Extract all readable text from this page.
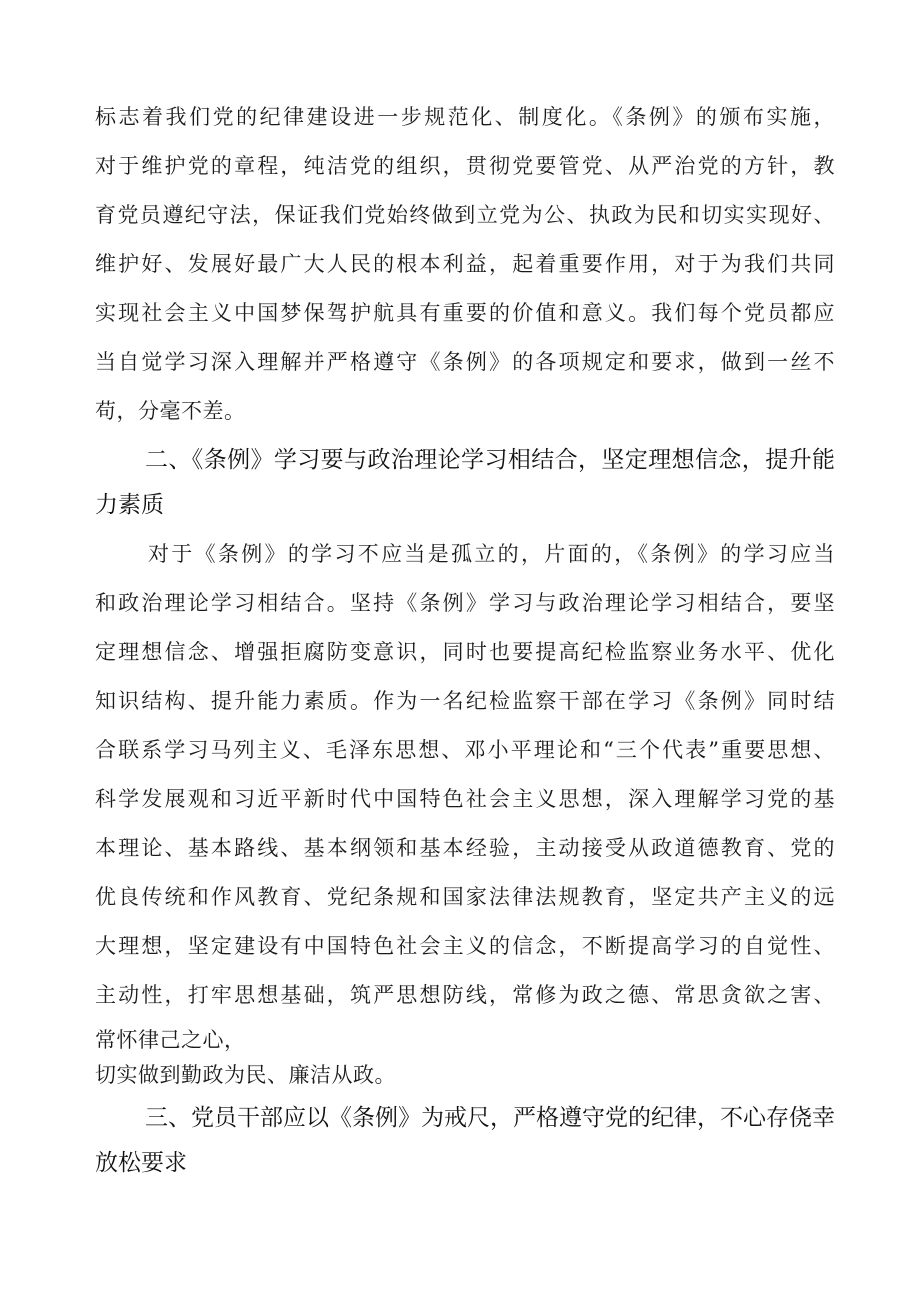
标志着我们党的纪律建设进一步规范化、制度化。《条例》的颁布实施，
对于维护党的章程，纯洁党的组织，贯彻党要管党、从严治党的方针，教
育党员遵纪守法，保证我们党始终做到立党为公、执政为民和切实实现好、
维护好、发展好最广大人民的根本利益，起着重要作用，对于为我们共同
实现社会主义中国梦保驾护航具有重要的价值和意义。我们每个党员都应
当自觉学习深入理解并严格遵守《条例》的各项规定和要求，做到一丝不
苟，分毫不差。
二、《条例》学习要与政治理论学习相结合，坚定理想信念，提升能
力素质
对于《条例》的学习不应当是孤立的，片面的，《条例》的学习应当
和政治理论学习相结合。坚持《条例》学习与政治理论学习相结合，要坚
定理想信念、增强拒腐防变意识，同时也要提高纪检监察业务水平、优化
知识结构、提升能力素质。作为一名纪检监察干部在学习《条例》同时结
合联系学习马列主义、毛泽东思想、邓小平理论和“三个代表”重要思想、
科学发展观和习近平新时代中国特色社会主义思想，深入理解学习党的基
本理论、基本路线、基本纲领和基本经验，主动接受从政道德教育、党的
优良传统和作风教育、党纪条规和国家法律法规教育，坚定共产主义的远
大理想，坚定建设有中国特色社会主义的信念，不断提高学习的自觉性、
主动性，打牢思想基础，筑严思想防线，常修为政之德、常思贪欲之害、
常怀律己之心，
切实做到勤政为民、廉洁从政。
三、党员干部应以《条例》为戒尺，严格遵守党的纪律，不心存侥幸
放松要求
